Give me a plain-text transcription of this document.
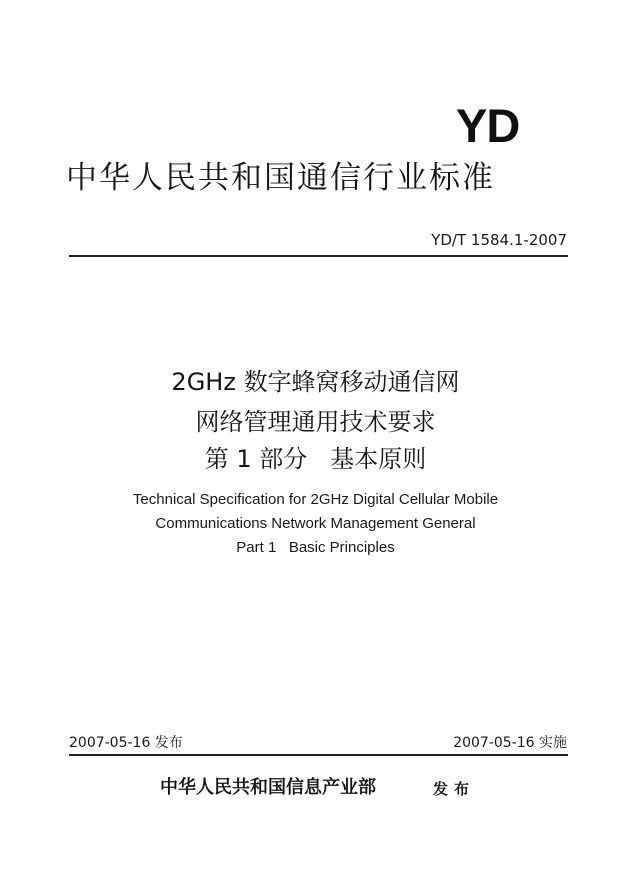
YD
中华人民共和国通信行业标准
YD/T 1584.1-2007
2GHz 数字蜂窝移动通信网
网络管理通用技术要求
第 1 部分   基本原则
Technical Specification for 2GHz Digital Cellular Mobile
Communications Network Management General
Part 1   Basic Principles
2007-05-16 发布	2007-05-16 实施
中华人民共和国信息产业部	发布
